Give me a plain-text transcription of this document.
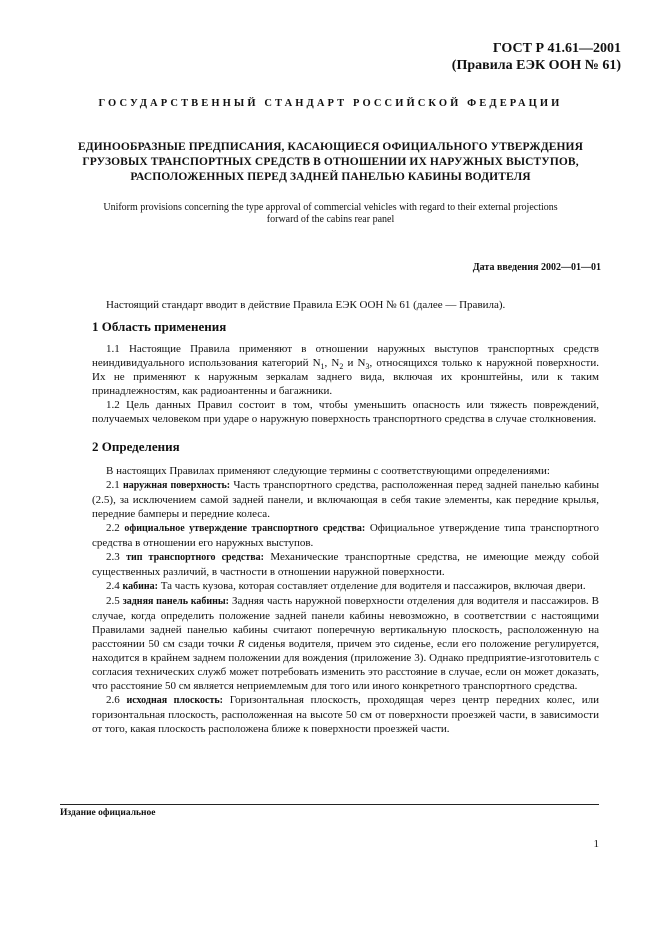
ГОСТ Р 41.61—2001
(Правила ЕЭК ООН № 61)
ГОСУДАРСТВЕННЫЙ СТАНДАРТ РОССИЙСКОЙ ФЕДЕРАЦИИ
ЕДИНООБРАЗНЫЕ ПРЕДПИСАНИЯ, КАСАЮЩИЕСЯ ОФИЦИАЛЬНОГО УТВЕРЖДЕНИЯ
ГРУЗОВЫХ ТРАНСПОРТНЫХ СРЕДСТВ В ОТНОШЕНИИ ИХ НАРУЖНЫХ ВЫСТУПОВ,
РАСПОЛОЖЕННЫХ ПЕРЕД ЗАДНЕЙ ПАНЕЛЬЮ КАБИНЫ ВОДИТЕЛЯ
Uniform provisions concerning the type approval of commercial vehicles with regard to their external projections
forward of the cabins rear panel
Дата введения 2002—01—01

Настоящий стандарт вводит в действие Правила ЕЭК ООН № 61 (далее — Правила).

1 Область применения

1.1 Настоящие Правила применяют в отношении наружных выступов транспортных средств неиндивидуального использования категорий $N_1$, $N_2$ и $N_3$, относящихся только к наружной поверхности. Их не применяют к наружным зеркалам заднего вида, включая их кронштейны, или к таким принадлежностям, как радиоантенны и багажники.

1.2 Цель данных Правил состоит в том, чтобы уменьшить опасность или тяжесть повреждений, получаемых человеком при ударе о наружную поверхность транспортного средства в случае столкновения.

2 Определения

В настоящих Правилах применяют следующие термины с соответствующими определениями:

2.1 наружная поверхность: Часть транспортного средства, расположенная перед задней панелью кабины (2.5), за исключением самой задней панели, и включающая в себя такие элементы, как передние крылья, передние бамперы и передние колеса.

2.2 официальное утверждение транспортного средства: Официальное утверждение типа транспортного средства в отношении его наружных выступов.

2.3 тип транспортного средства: Механические транспортные средства, не имеющие между собой существенных различий, в частности в отношении наружной поверхности.

2.4 кабина: Та часть кузова, которая составляет отделение для водителя и пассажиров, включая двери.

2.5 задняя панель кабины: Задняя часть наружной поверхности отделения для водителя и пассажиров. В случае, когда определить положение задней панели кабины невозможно, в соответствии с настоящими Правилами задней панелью кабины считают поперечную вертикальную плоскость, расположенную на расстоянии 50 см сзади точки R сиденья водителя, причем это сиденье, если его положение регулируется, находится в крайнем заднем положении для вождения (приложение 3). Однако предприятие-изготовитель с согласия технических служб может потребовать изменить это расстояние в случае, если он может доказать, что расстояние 50 см является неприемлемым для того или иного конкретного транспортного средства.

2.6 исходная плоскость: Горизонтальная плоскость, проходящая через центр передних колес, или горизонтальная плоскость, расположенная на высоте 50 см от поверхности проезжей части, в зависимости от того, какая плоскость расположена ближе к поверхности проезжей части.

Издание официальное
1
